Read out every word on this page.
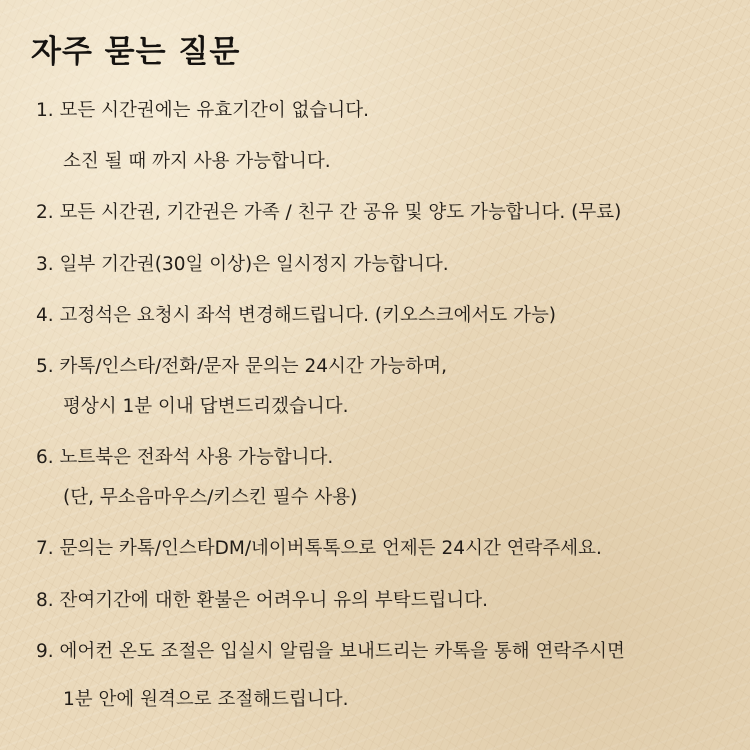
자주 묻는 질문
1. 모든 시간권에는 유효기간이 없습니다.
소진 될 때 까지 사용 가능합니다.
2. 모든 시간권, 기간권은 가족 / 친구 간 공유 및 양도 가능합니다. (무료)
3. 일부 기간권(30일 이상)은 일시정지 가능합니다.
4. 고정석은 요청시 좌석 변경해드립니다. (키오스크에서도 가능)
5. 카톡/인스타/전화/문자 문의는 24시간 가능하며,
평상시 1분 이내 답변드리겠습니다.
6. 노트북은 전좌석 사용 가능합니다.
(단, 무소음마우스/키스킨 필수 사용)
7. 문의는 카톡/인스타DM/네이버톡톡으로 언제든 24시간 연락주세요.
8. 잔여기간에 대한 환불은 어려우니 유의 부탁드립니다.
9. 에어컨 온도 조절은 입실시 알림을 보내드리는 카톡을 통해 연락주시면
1분 안에 원격으로 조절해드립니다.
